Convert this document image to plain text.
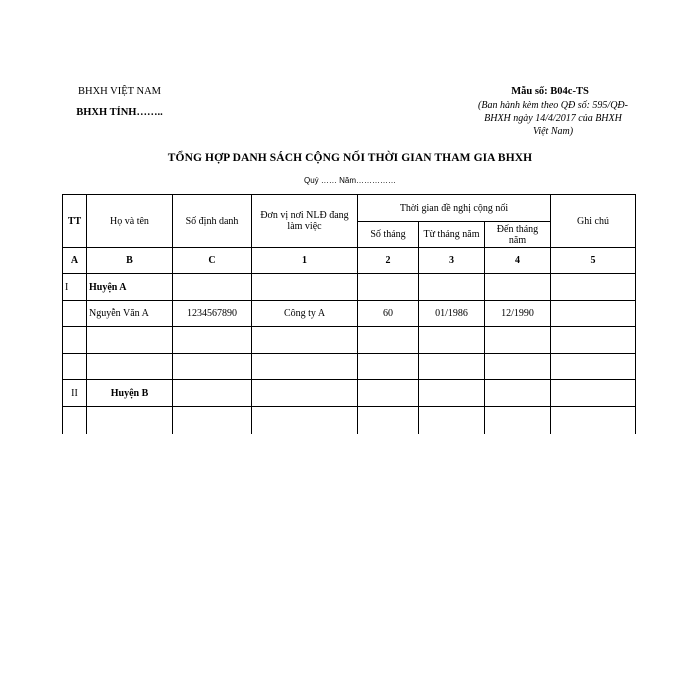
BHXH VIỆT NAM
BHXH TỈNH……..
Mẫu số: B04c-TS
(Ban hành kèm theo QĐ số: 595/QĐ-
BHXH ngày 14/4/2017 của BHXH
Việt Nam)
TỔNG HỢP DANH SÁCH CỘNG NỐI THỜI GIAN THAM GIA BHXH
Quý …… Năm……………
TT	Họ và tên	Số định danh	Đơn vị nơi NLĐ đang
làm việc	Thời gian đề nghị cộng nối			Ghi chú
				Số tháng	Từ tháng năm	Đến tháng năm	
A	B	C	1	2	3	4	5
I	Huyện A						
	Nguyễn Văn A	1234567890	Công ty A	60	01/1986	12/1990	

II	Huyện B						
